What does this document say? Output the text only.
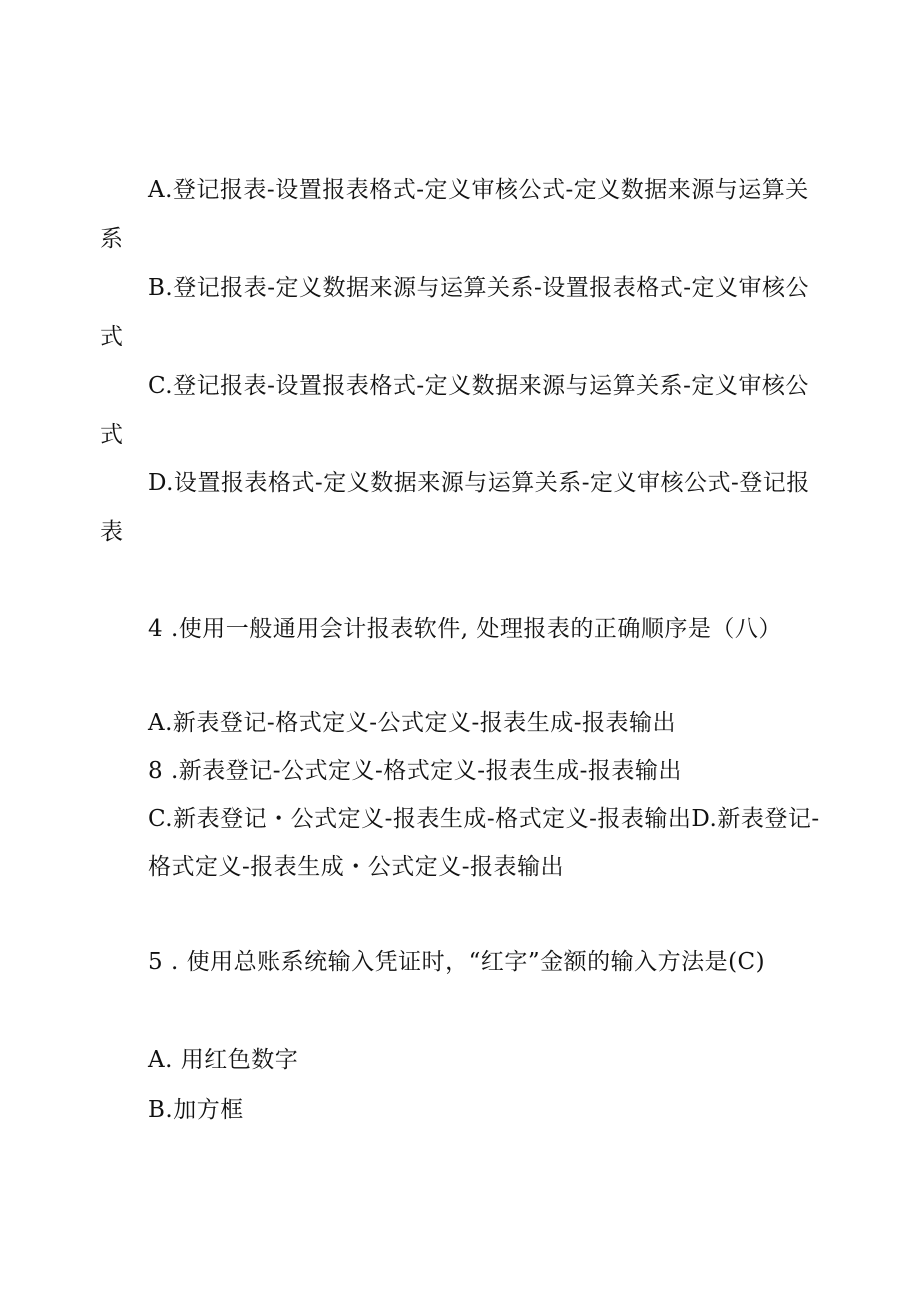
A.登记报表-设置报表格式-定义审核公式-定义数据来源与运算关
系
B.登记报表-定义数据来源与运算关系-设置报表格式-定义审核公
式
C.登记报表-设置报表格式-定义数据来源与运算关系-定义审核公
式
D.设置报表格式-定义数据来源与运算关系-定义审核公式-登记报
表
4 .使用一般通用会计报表软件, 处理报表的正确顺序是（八）
A.新表登记-格式定义-公式定义-报表生成-报表输出
8 .新表登记-公式定义-格式定义-报表生成-报表输出
C.新表登记・公式定义-报表生成-格式定义-报表输出D.新表登记-
格式定义-报表生成・公式定义-报表输出
5 . 使用总账系统输入凭证时，“红字”金额的输入方法是(C)
A. 用红色数字
B.加方框
